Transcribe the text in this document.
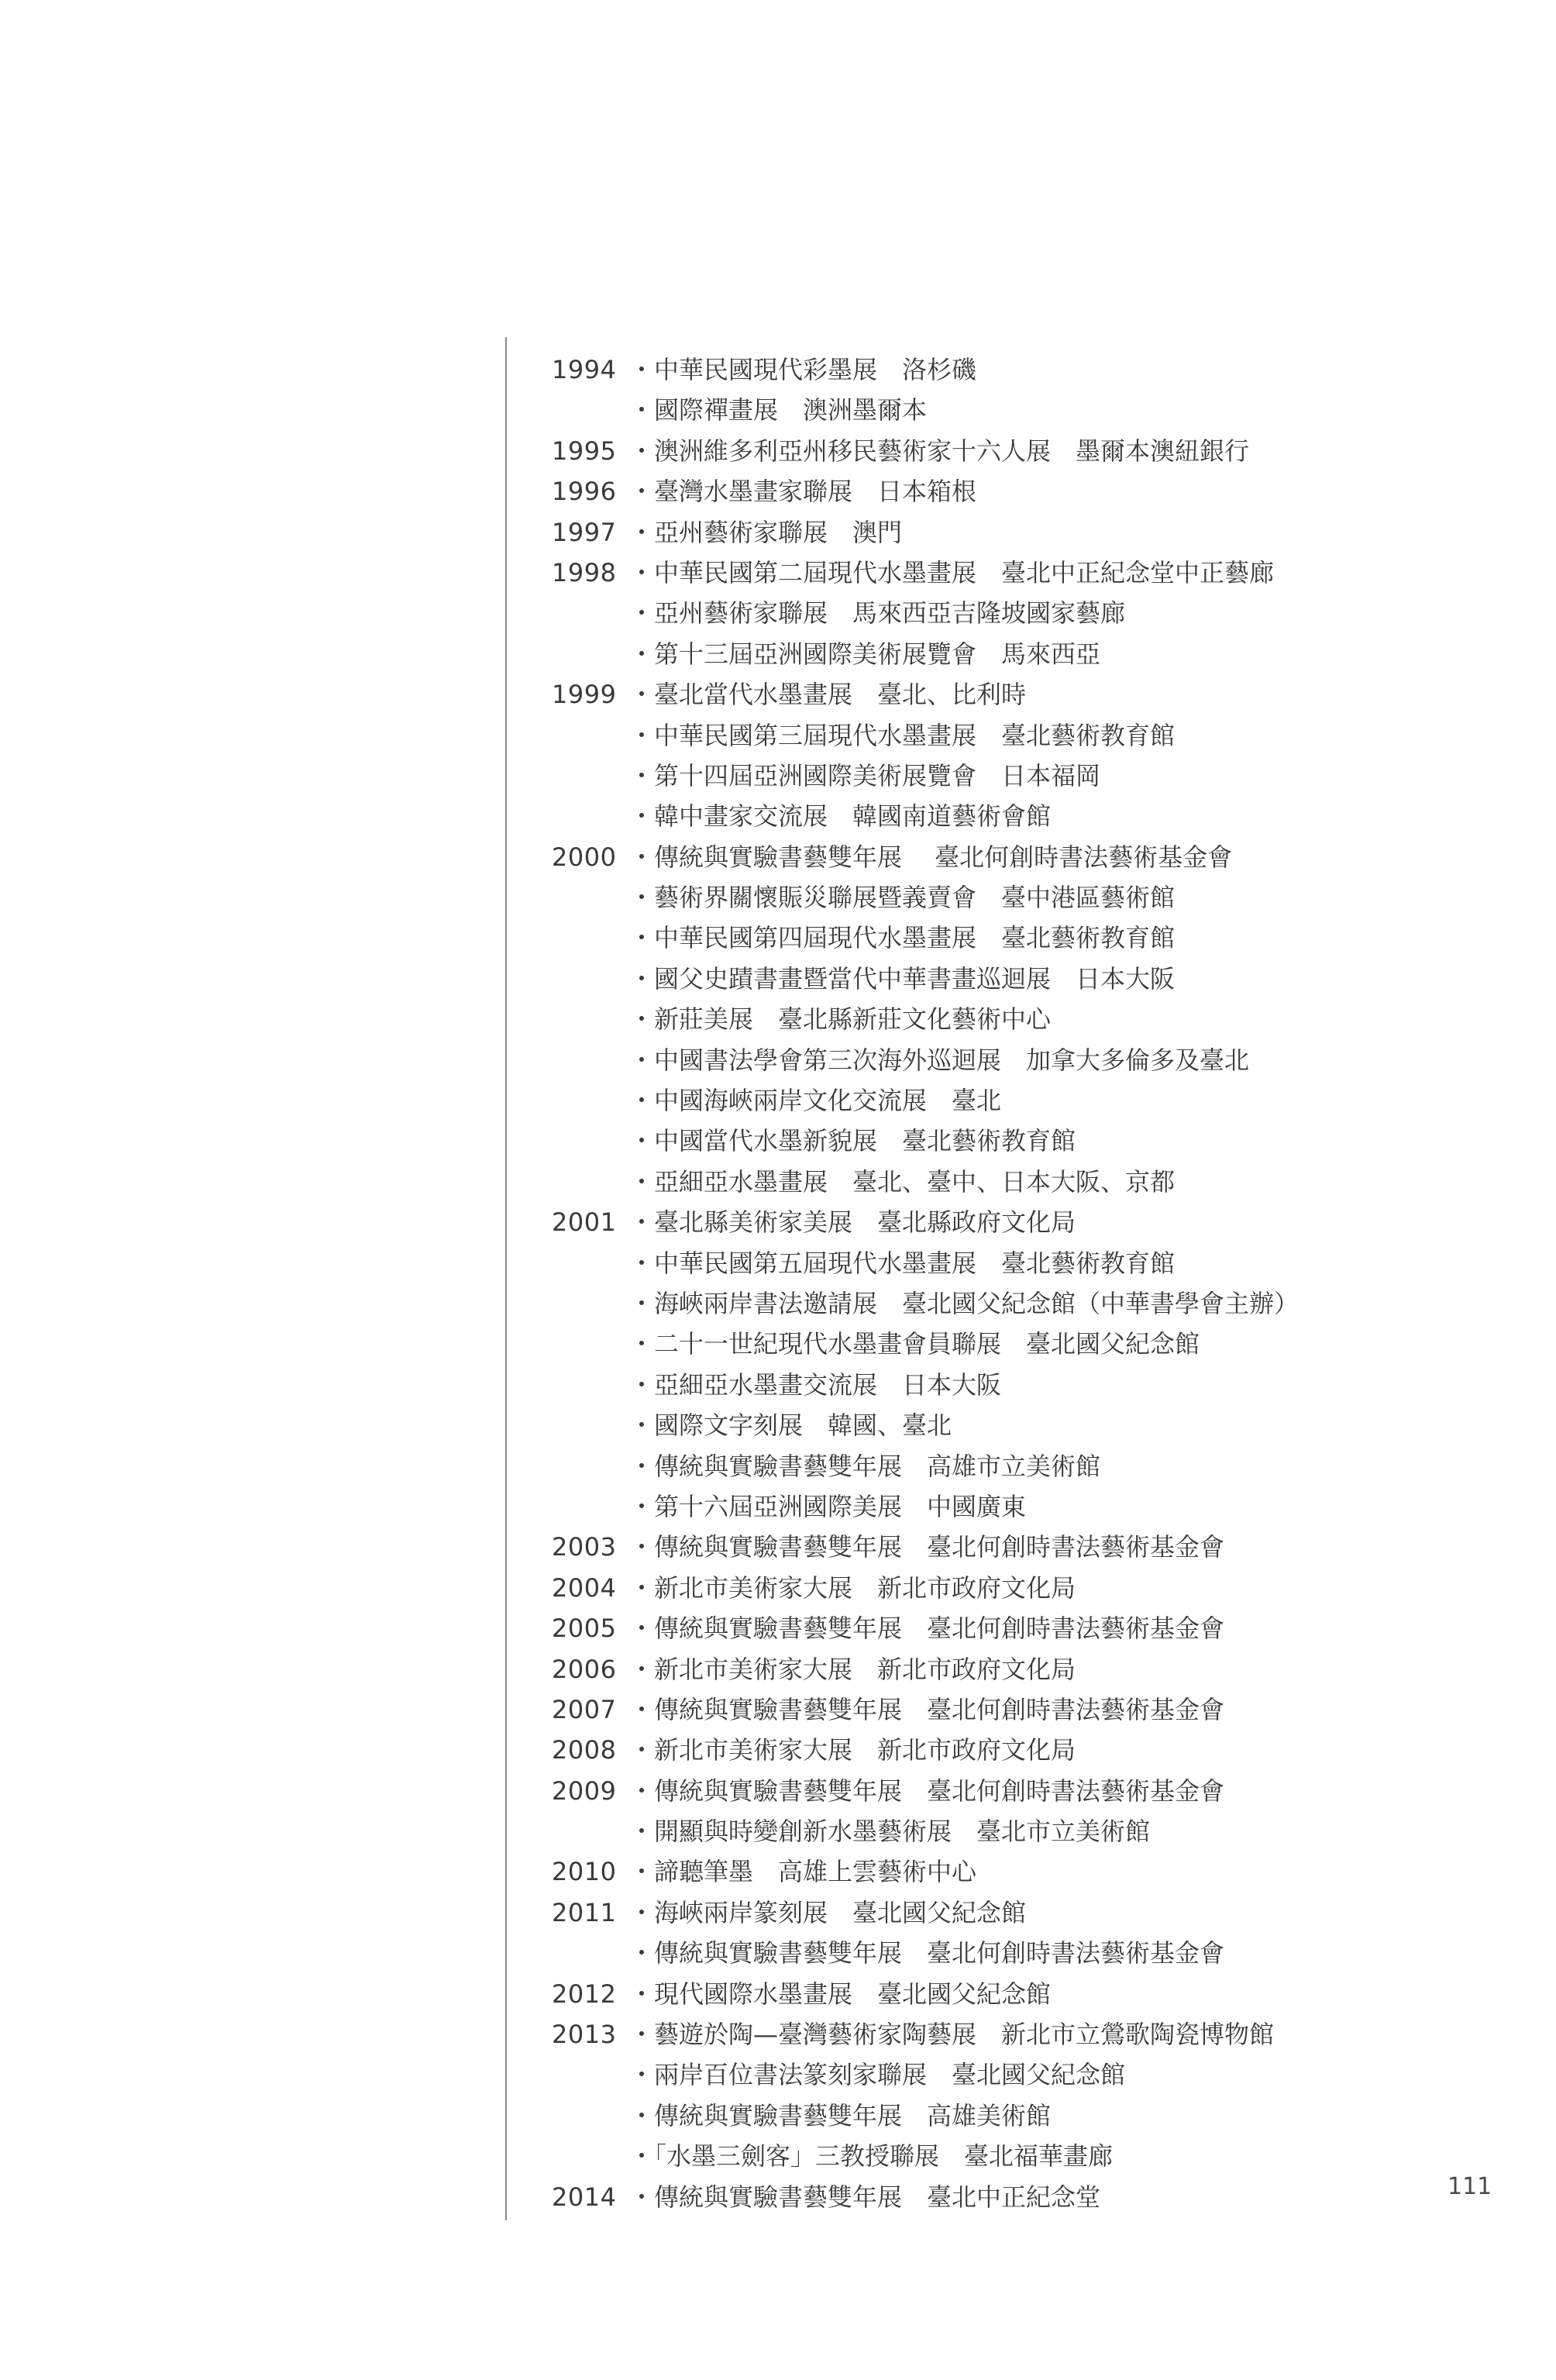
1994 ・中華民國現代彩墨展　洛杉磯
・國際禪畫展　澳洲墨爾本
1995 ・澳洲維多利亞州移民藝術家十六人展　墨爾本澳紐銀行
1996 ・臺灣水墨畫家聯展　日本箱根
1997 ・亞州藝術家聯展　澳門
1998 ・中華民國第二屆現代水墨畫展　臺北中正紀念堂中正藝廊
・亞州藝術家聯展　馬來西亞吉隆坡國家藝廊
・第十三屆亞洲國際美術展覽會　馬來西亞
1999 ・臺北當代水墨畫展　臺北、比利時
・中華民國第三屆現代水墨畫展　臺北藝術教育館
・第十四屆亞洲國際美術展覽會　日本福岡
・韓中畫家交流展　韓國南道藝術會館
2000 ・傳統與實驗書藝雙年展　 臺北何創時書法藝術基金會
・藝術界關懷賑災聯展暨義賣會　臺中港區藝術館
・中華民國第四屆現代水墨畫展　臺北藝術教育館
・國父史蹟書畫暨當代中華書畫巡迴展　日本大阪
・新莊美展　臺北縣新莊文化藝術中心
・中國書法學會第三次海外巡迴展　加拿大多倫多及臺北
・中國海峽兩岸文化交流展　臺北
・中國當代水墨新貌展　臺北藝術教育館
・亞細亞水墨畫展　臺北、臺中、日本大阪、京都
2001 ・臺北縣美術家美展　臺北縣政府文化局
・中華民國第五屆現代水墨畫展　臺北藝術教育館
・海峽兩岸書法邀請展　臺北國父紀念館（中華書學會主辦）
・二十一世紀現代水墨畫會員聯展　臺北國父紀念館
・亞細亞水墨畫交流展　日本大阪
・國際文字刻展　韓國、臺北
・傳統與實驗書藝雙年展　高雄市立美術館
・第十六屆亞洲國際美展　中國廣東
2003 ・傳統與實驗書藝雙年展　臺北何創時書法藝術基金會
2004 ・新北市美術家大展　新北市政府文化局
2005 ・傳統與實驗書藝雙年展　臺北何創時書法藝術基金會
2006 ・新北市美術家大展　新北市政府文化局
2007 ・傳統與實驗書藝雙年展　臺北何創時書法藝術基金會
2008 ・新北市美術家大展　新北市政府文化局
2009 ・傳統與實驗書藝雙年展　臺北何創時書法藝術基金會
・開顯與時變創新水墨藝術展　臺北市立美術館
2010 ・諦聽筆墨　高雄上雲藝術中心
2011 ・海峽兩岸篆刻展　臺北國父紀念館
・傳統與實驗書藝雙年展　臺北何創時書法藝術基金會
2012 ・現代國際水墨畫展　臺北國父紀念館
2013 ・藝遊於陶—臺灣藝術家陶藝展　新北市立鶯歌陶瓷博物館
・兩岸百位書法篆刻家聯展　臺北國父紀念館
・傳統與實驗書藝雙年展　高雄美術館
・「水墨三劍客」三教授聯展　臺北福華畫廊
2014 ・傳統與實驗書藝雙年展　臺北中正紀念堂	111
